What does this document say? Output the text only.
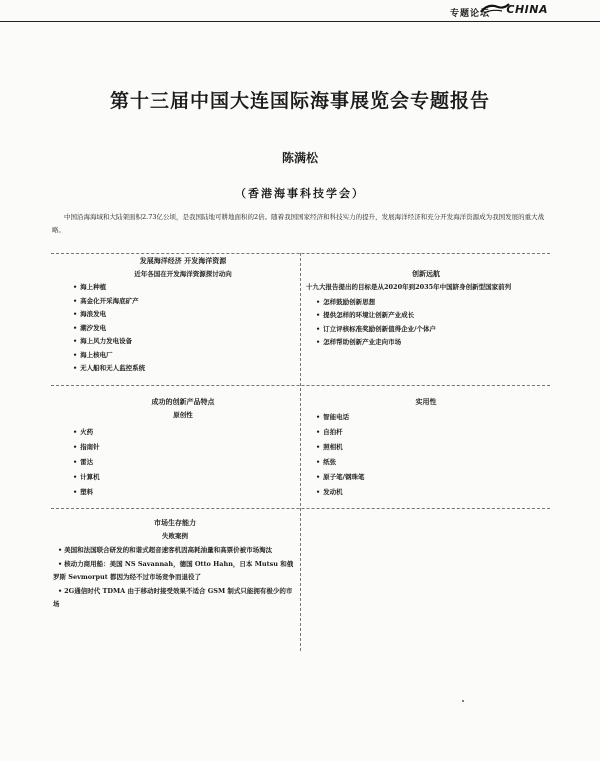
专题论坛 CHINA
第十三届中国大连国际海事展览会专题报告
陈满松
（香港海事科技学会）
中国沿海海域和大陆架面积2.73亿公顷，是我国陆地可耕地面积的2倍。随着我国国家经济和科技实力的提升，发展海洋经济和充分开发海洋资源成为我国发展的重大战略。
发展海洋经济 开发海洋资源
近年各国在开发海洋资源探讨动向
• 海上种植
• 高金化开采海底矿产
• 海浪发电
• 潮汐发电
• 海上风力发电设备
• 海上核电厂
• 无人船和无人监控系统
创新远航
十九大报告提出的目标是从2020年到2035年中国跻身创新型国家前列
• 怎样鼓励创新思想
• 提供怎样的环境让创新产业成长
• 订立评核标准奖励创新值得企业/个体户
• 怎样帮助创新产业走向市场
成功的创新产品特点
原创性
• 火药
• 指南针
• 雷达
• 计算机
• 塑料
实用性
• 智能电话
• 自拍杆
• 照相机
• 纸张
• 原子笔/钢珠笔
• 发动机
市场生存能力
失败案例

• 美国和法国联合研发的和谐式超音速客机因高耗油量和高票价被市场淘汰

• 核动力商用船：美国 NS Savannah，德国 Otto Hahn，日本 Mutsu 和俄罗斯 Sevmorput 都因为经不过市场竞争而退役了

• 2G通信时代 TDMA 由于移动时接受效果不适合 GSM 制式只能拥有极少的市场
